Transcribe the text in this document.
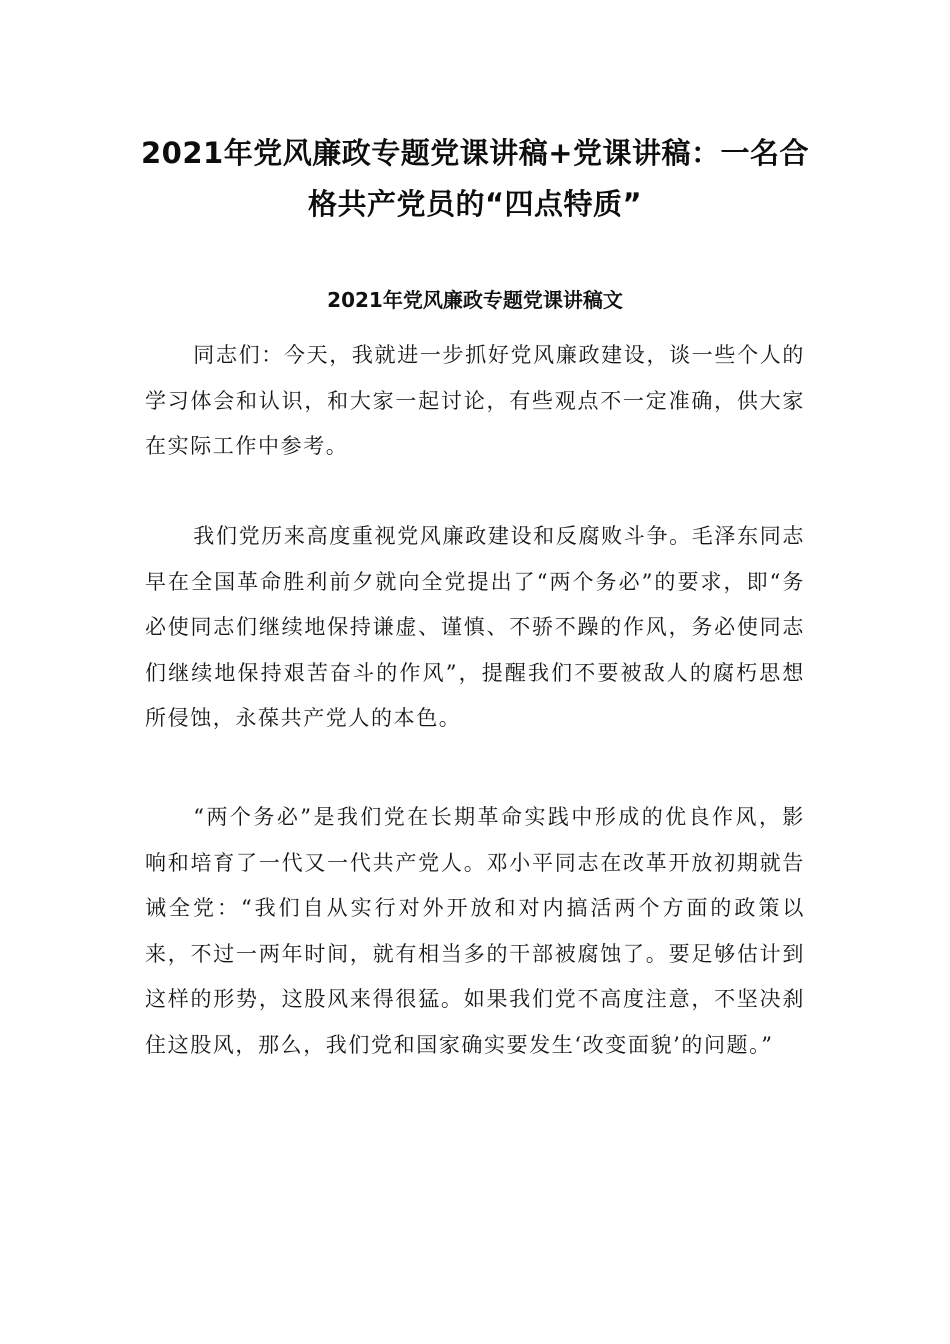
2021年党风廉政专题党课讲稿+党课讲稿：一名合格共产党员的“四点特质”
2021年党风廉政专题党课讲稿文

同志们：今天，我就进一步抓好党风廉政建设，谈一些个人的学习体会和认识，和大家一起讨论，有些观点不一定准确，供大家在实际工作中参考。

我们党历来高度重视党风廉政建设和反腐败斗争。毛泽东同志早在全国革命胜利前夕就向全党提出了“两个务必”的要求，即“务必使同志们继续地保持谦虚、谨慎、不骄不躁的作风，务必使同志们继续地保持艰苦奋斗的作风”，提醒我们不要被敌人的腐朽思想所侵蚀，永葆共产党人的本色。

“两个务必”是我们党在长期革命实践中形成的优良作风，影响和培育了一代又一代共产党人。邓小平同志在改革开放初期就告诫全党：“我们自从实行对外开放和对内搞活两个方面的政策以来，不过一两年时间，就有相当多的干部被腐蚀了。要足够估计到这样的形势，这股风来得很猛。如果我们党不高度注意，不坚决刹住这股风，那么，我们党和国家确实要发生‘改变面貌’的问题。”
